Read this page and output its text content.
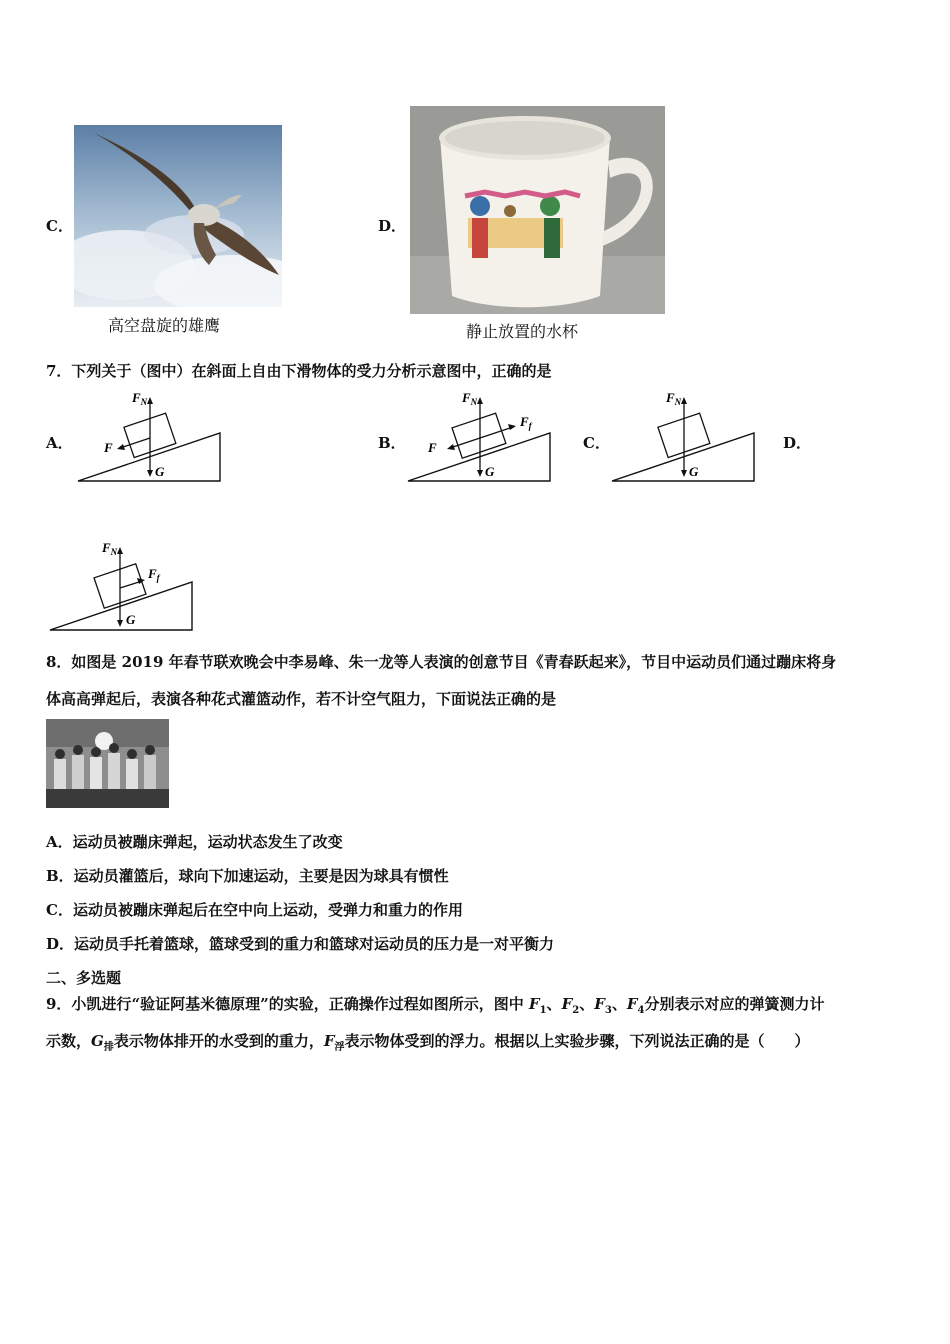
C．
高空盘旋的雄鹰
D．
静止放置的水杯
7．下列关于（图中）在斜面上自由下滑物体的受力分析示意图中，正确的是
A．	B．	C．	D．
$F_N$
F
G
$F_N$
$F_f$
F
G
$F_N$
G
$F_N$
$F_f$
G
8．如图是 2019 年春节联欢晚会中李易峰、朱一龙等人表演的创意节目《青春跃起来》，节目中运动员们通过蹦床将身
体高高弹起后，表演各种花式灌篮动作，若不计空气阻力，下面说法正确的是
A．运动员被蹦床弹起，运动状态发生了改变
B．运动员灌篮后，球向下加速运动，主要是因为球具有惯性
C．运动员被蹦床弹起后在空中向上运动，受弹力和重力的作用
D．运动员手托着篮球，篮球受到的重力和篮球对运动员的压力是一对平衡力
二、多选题
9．小凯进行“验证阿基米德原理”的实验，正确操作过程如图所示，图中 $F_1$、$F_2$、$F_3$、$F_4$分别表示对应的弹簧测力计
示数，$G_排$表示物体排开的水受到的重力，$F_浮$表示物体受到的浮力。根据以上实验步骤，下列说法正确的是（　　）
